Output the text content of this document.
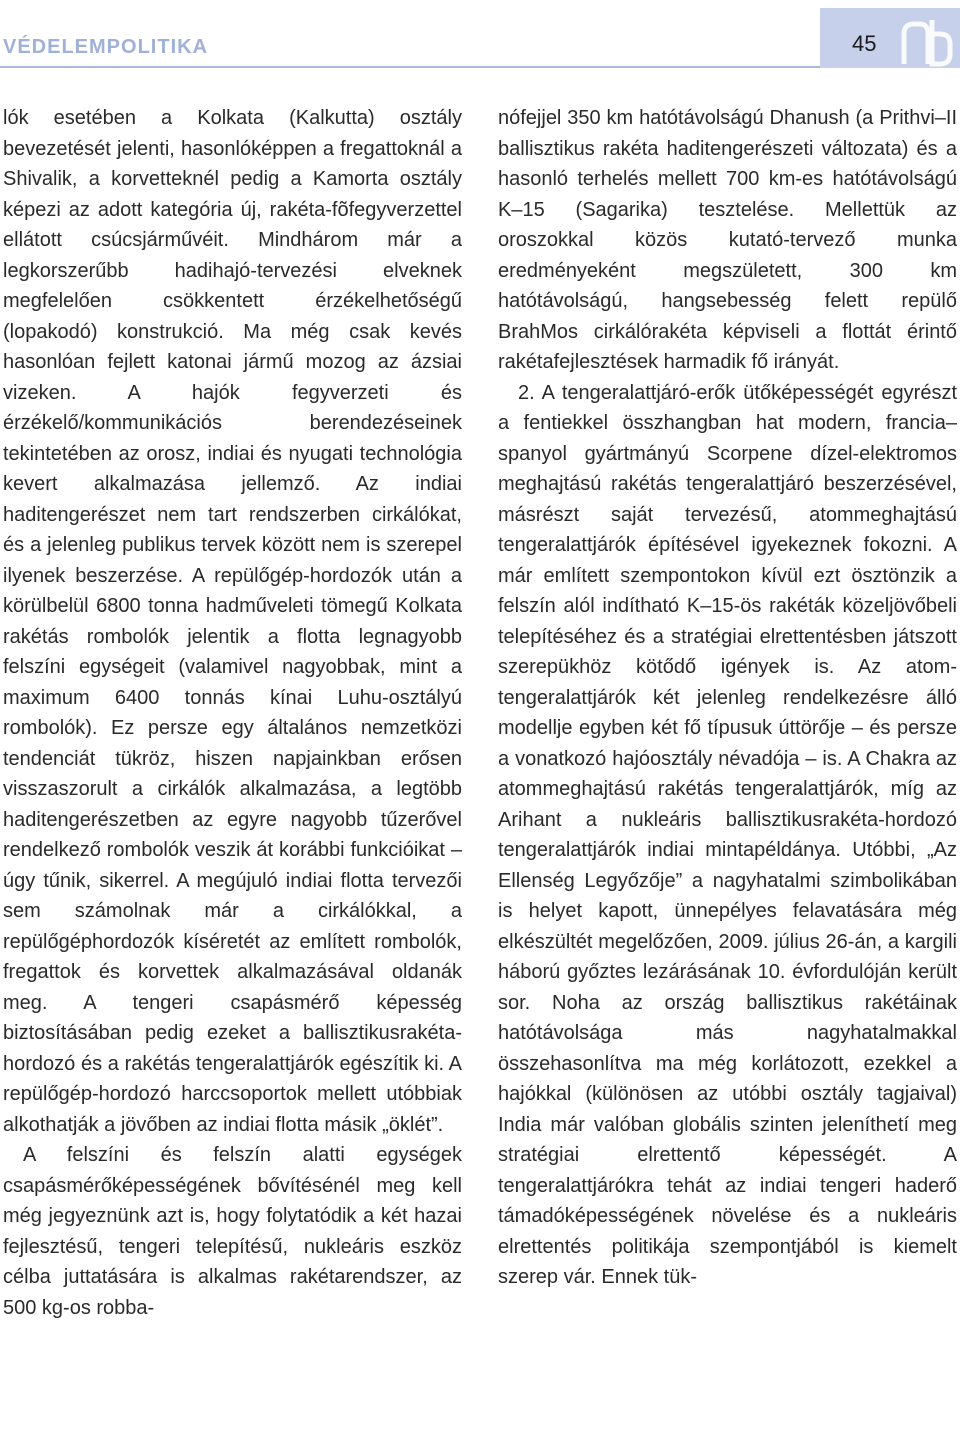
VÉDELEMPOLITIKA	45

lók esetében a Kolkata (Kalkutta) osztály bevezetését jelenti, hasonlóképpen a fregattoknál a Shivalik, a korvetteknél pedig a Kamorta osztály képezi az adott kategória új, rakéta-fõfegyverzettel ellátott csúcsjárművéit. Mindhárom már a legkorszerűbb hadihajó-tervezési elveknek megfelelően csökkentett érzékelhetőségű (lopakodó) konstrukció. Ma még csak kevés hasonlóan fejlett katonai jármű mozog az ázsiai vizeken. A hajók fegyverzeti és érzékelő/kommunikációs berendezéseinek tekintetében az orosz, indiai és nyugati technológia kevert alkalmazása jellemző. Az indiai haditengerészet nem tart rendszerben cirkálókat, és a jelenleg publikus tervek között nem is szerepel ilyenek beszerzése. A repülőgép-hordozók után a körülbelül 6800 tonna hadműveleti tömegű Kolkata rakétás rombolók jelentik a flotta legnagyobb felszíni egységeit (valamivel nagyobbak, mint a maximum 6400 tonnás kínai Luhu-osztályú rombolók). Ez persze egy általános nemzetközi tendenciát tükröz, hiszen napjainkban erősen visszaszorult a cirkálók alkalmazása, a legtöbb haditengerészetben az egyre nagyobb tűzerővel rendelkező rombolók veszik át korábbi funkcióikat – úgy tűnik, sikerrel. A megújuló indiai flotta tervezői sem számolnak már a cirkálókkal, a repülőgéphordozók kíséretét az említett rombolók, fregattok és korvettek alkalmazásával oldanák meg. A tengeri csapásmérő képesség biztosításában pedig ezeket a ballisztikusrakéta-hordozó és a rakétás tengeralattjárók egészítik ki. A repülőgép-hordozó harccsoportok mellett utóbbiak alkothatják a jövőben az indiai flotta másik „öklét”.

A felszíni és felszín alatti egységek csapásmérőképességének bővítésénél meg kell még jegyeznünk azt is, hogy folytatódik a két hazai fejlesztésű, tengeri telepítésű, nukleáris eszköz célba juttatására is alkalmas rakétarendszer, az 500 kg-os robba-

nófejjel 350 km hatótávolságú Dhanush (a Prithvi–II ballisztikus rakéta haditengerészeti változata) és a hasonló terhelés mellett 700 km-es hatótávolságú K–15 (Sagarika) tesztelése. Mellettük az oroszokkal közös kutató-tervező munka eredményeként megszületett, 300 km hatótávolságú, hangsebesség felett repülő BrahMos cirkálórakéta képviseli a flottát érintő rakétafejlesztések harmadik fő irányát.

2. A tengeralattjáró-erők ütőképességét egyrészt a fentiekkel összhangban hat modern, francia–spanyol gyártmányú Scorpene dízel-elektromos meghajtású rakétás tengeralattjáró beszerzésével, másrészt saját tervezésű, atommeghajtású tengeralattjárók építésével igyekeznek fokozni. A már említett szempontokon kívül ezt ösztönzik a felszín alól indítható K–15-ös rakéták közeljövőbeli telepítéséhez és a stratégiai elrettentésben játszott szerepükhöz kötődő igények is. Az atom-tengeralattjárók két jelenleg rendelkezésre álló modellje egyben két fő típusuk úttörője – és persze a vonatkozó hajóosztály névadója – is. A Chakra az atommeghajtású rakétás tengeralattjárók, míg az Arihant a nukleáris ballisztikusrakéta-hordozó tengeralattjárók indiai mintapéldánya. Utóbbi, „Az Ellenség Legyőzője” a nagyhatalmi szimbolikában is helyet kapott, ünnepélyes felavatására még elkészültét megelőzően, 2009. július 26-án, a kargili háború győztes lezárásának 10. évfordulóján került sor. Noha az ország ballisztikus rakétáinak hatótávolsága más nagyhatalmakkal összehasonlítva ma még korlátozott, ezekkel a hajókkal (különösen az utóbbi osztály tagjaival) India már valóban globális szinten jeleníthetí meg stratégiai elrettentő képességét. A tengeralattjárókra tehát az indiai tengeri haderő támadóképességének növelése és a nukleáris elrettentés politikája szempontjából is kiemelt szerep vár. Ennek tük-
